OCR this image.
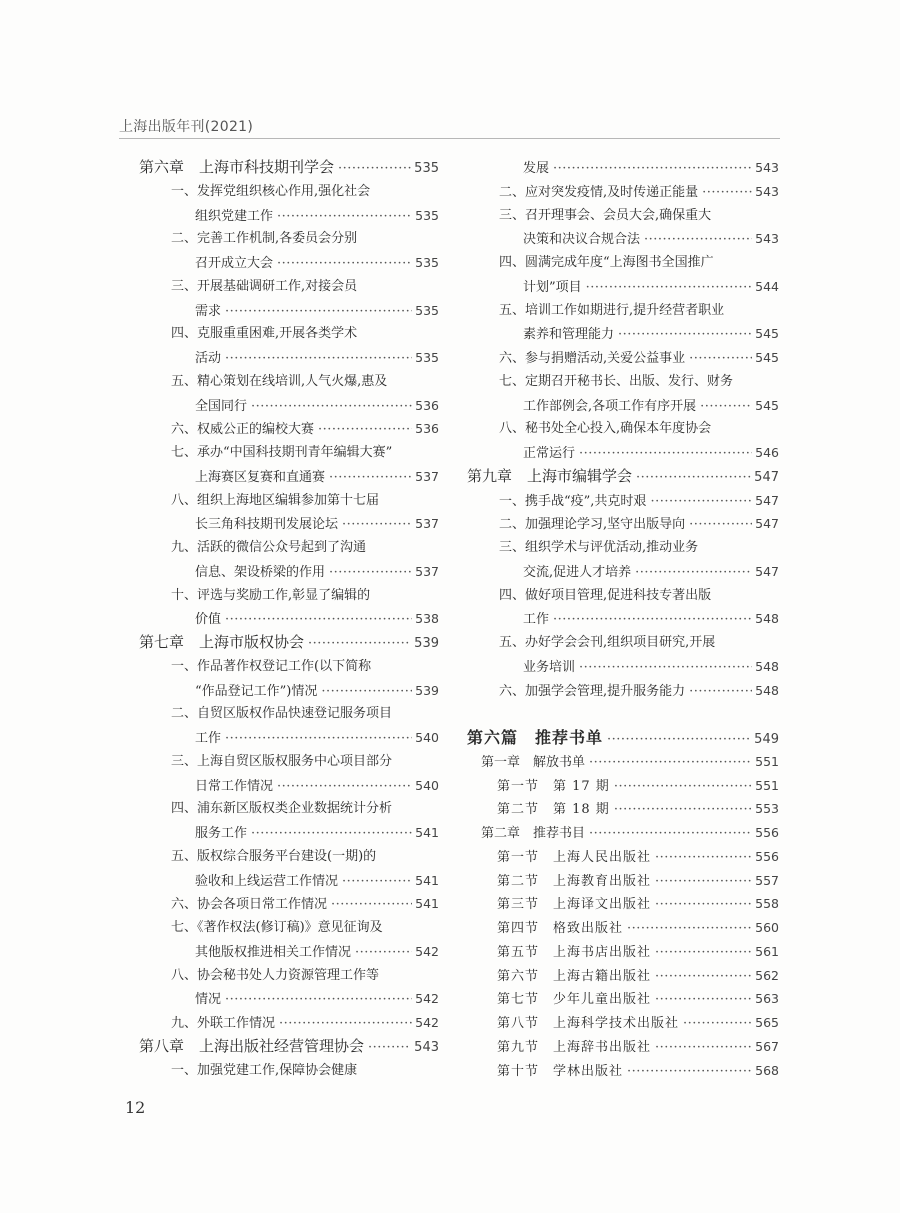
上海出版年刊(2021)
第六章　上海市科技期刊学会 ·····	535
一、发挥党组织核心作用,强化社会
组织党建工作 ·····	535
二、完善工作机制,各委员会分别
召开成立大会 ·····	535
三、开展基础调研工作,对接会员
需求 ·····	535
四、克服重重困难,开展各类学术
活动 ·····	535
五、精心策划在线培训,人气火爆,惠及
全国同行 ·····	536
六、权威公正的编校大赛 ·····	536
七、承办“中国科技期刊青年编辑大赛”
上海赛区复赛和直通赛 ·····	537
八、组织上海地区编辑参加第十七届
长三角科技期刊发展论坛 ·····	537
九、活跃的微信公众号起到了沟通
信息、架设桥梁的作用 ·····	537
十、评选与奖励工作,彰显了编辑的
价值 ·····	538
第七章　上海市版权协会 ·····	539
一、作品著作权登记工作(以下简称
“作品登记工作”)情况 ·····	539
二、自贸区版权作品快速登记服务项目
工作 ·····	540
三、上海自贸区版权服务中心项目部分
日常工作情况 ·····	540
四、浦东新区版权类企业数据统计分析
服务工作 ·····	541
五、版权综合服务平台建设(一期)的
验收和上线运营工作情况 ·····	541
六、协会各项日常工作情况 ·····	541
七、《著作权法(修订稿)》意见征询及
其他版权推进相关工作情况 ·····	542
八、协会秘书处人力资源管理工作等
情况 ·····	542
九、外联工作情况 ·····	542
第八章　上海出版社经营管理协会 ·····	543
一、加强党建工作,保障协会健康
发展 ·····	543
二、应对突发疫情,及时传递正能量 ·····	543
三、召开理事会、会员大会,确保重大
决策和决议合规合法 ·····	543
四、圆满完成年度“上海图书全国推广
计划”项目 ·····	544
五、培训工作如期进行,提升经营者职业
素养和管理能力 ·····	545
六、参与捐赠活动,关爱公益事业 ·····	545
七、定期召开秘书长、出版、发行、财务
工作部例会,各项工作有序开展 ·····	545
八、秘书处全心投入,确保本年度协会
正常运行 ·····	546
第九章　上海市编辑学会 ·····	547
一、携手战“疫”,共克时艰 ·····	547
二、加强理论学习,坚守出版导向 ·····	547
三、组织学术与评优活动,推动业务
交流,促进人才培养 ·····	547
四、做好项目管理,促进科技专著出版
工作 ·····	548
五、办好学会会刊,组织项目研究,开展
业务培训 ·····	548
六、加强学会管理,提升服务能力 ·····	548
第六篇　推荐书单 ·····	549
第一章　解放书单 ·····	551
第一节　第 17 期 ·····	551
第二节　第 18 期 ·····	553
第二章　推荐书目 ·····	556
第一节　上海人民出版社 ·····	556
第二节　上海教育出版社 ·····	557
第三节　上海译文出版社 ·····	558
第四节　格致出版社 ·····	560
第五节　上海书店出版社 ·····	561
第六节　上海古籍出版社 ·····	562
第七节　少年儿童出版社 ·····	563
第八节　上海科学技术出版社 ·····	565
第九节　上海辞书出版社 ·····	567
第十节　学林出版社 ·····	568
12
